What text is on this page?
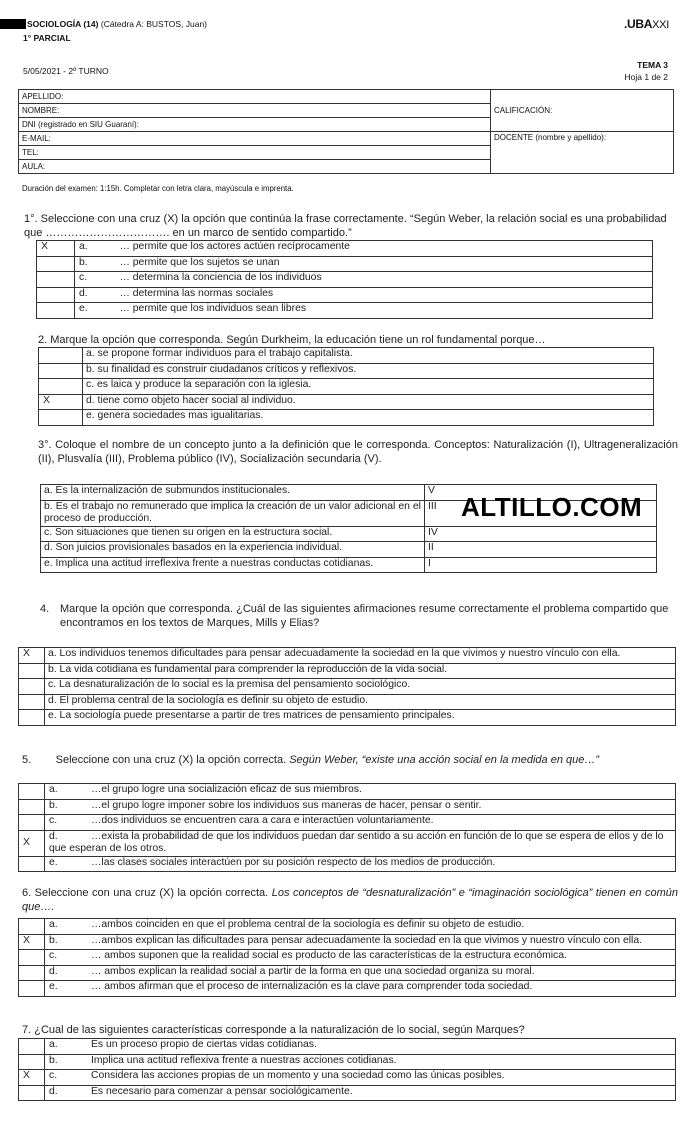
SOCIOLOGÍA (14) (Cátedra A: BUSTOS, Juan)
1° PARCIAL
.UBAXXI
5/05/2021 - 2º TURNO
TEMA 3
Hoja 1 de 2
APELLIDO:	CALIFICACIÓN:
NOMBRE:	
DNI (registrado en SIU Guaraní):	
E-MAIL:	DOCENTE (nombre y apellido):
TEL:	
AULA:	
Duración del examen: 1:15h. Completar con letra clara, mayúscula e imprenta.
1°. Seleccione con una cruz (X) la opción que continúa la frase correctamente. “Según Weber, la relación social es una probabilidad que ……………………………. en un marco de sentido compartido.”
X	a.	… permite que los actores actúen recíprocamente
	b.	… permite que los sujetos se unan
	c.	… determina la conciencia de los individuos
	d.	… determina las normas sociales
	e.	… permite que los individuos sean libres
2. Marque la opción que corresponda. Según Durkheim, la educación tiene un rol fundamental porque…
	a. se propone formar individuos para el trabajo capitalista.
	b. su finalidad es construir ciudadanos críticos y reflexivos.
	c. es laica y produce la separación con la iglesia.
X	d. tiene como objeto hacer social al individuo.
	e. genera sociedades mas igualitarias.
3°. Coloque el nombre de un concepto junto a la definición que le corresponda. Conceptos: Naturalización (I), Ultrageneralización (II), Plusvalía (III), Problema público (IV), Socialización secundaria (V).
a. Es la internalización de submundos institucionales.	V
b. Es el trabajo no remunerado que implica la creación de un valor adicional en el proceso de producción.	III
c. Son situaciones que tienen su origen en la estructura social.	IV
d. Son juicios provisionales basados en la experiencia individual.	II
e. Implica una actitud irreflexiva frente a nuestras conductas cotidianas.	I
ALTILLO.COM
4. Marque la opción que corresponda. ¿Cuál de las siguientes afirmaciones resume correctamente el problema compartido que encontramos en los textos de Marques, Mills y Elias?
X	a. Los individuos tenemos dificultades para pensar adecuadamente la sociedad en la que vivimos y nuestro vínculo con ella.
	b. La vida cotidiana es fundamental para comprender la reproducción de la vida social.
	c. La desnaturalización de lo social es la premisa del pensamiento sociológico.
	d. El problema central de la sociología es definir su objeto de estudio.
	e. La sociología puede presentarse a partir de tres matrices de pensamiento principales.
5.        Seleccione con una cruz (X) la opción correcta. Según Weber, “existe una acción social en la medida en que…”
	a. …el grupo logre una socialización eficaz de sus miembros.
	b. …el grupo logre imponer sobre los individuos sus maneras de hacer, pensar o sentir.
	c. …dos individuos se encuentren cara a cara e interactúen voluntariamente.
X	d. …exista la probabilidad de que los individuos puedan dar sentido a su acción en función de lo que se espera de ellos y de lo que esperan de los otros.
	e. …las clases sociales interactúen por su posición respecto de los medios de producción.
6. Seleccione con una cruz (X) la opción correcta. Los conceptos de “desnaturalización” e “imaginación sociológica” tienen en común que….
	a. …ambos coinciden en que el problema central de la sociología es definir su objeto de estudio.
X	b. …ambos explican las dificultades para pensar adecuadamente la sociedad en la que vivimos y nuestro vínculo con ella.
	c. … ambos suponen que la realidad social es producto de las características de la estructura económica.
	d. … ambos explican la realidad social a partir de la forma en que una sociedad organiza su moral.
	e. … ambos afirman que el proceso de internalización es la clave para comprender toda sociedad.
7. ¿Cual de las siguientes características corresponde a la naturalización de lo social, según Marques?
	a. Es un proceso propio de ciertas vidas cotidianas.
	b. Implica una actitud reflexiva frente a nuestras acciones cotidianas.
X	c. Considera las acciones propias de un momento y una sociedad como las únicas posibles.
	d. Es necesario para comenzar a pensar sociológicamente.
